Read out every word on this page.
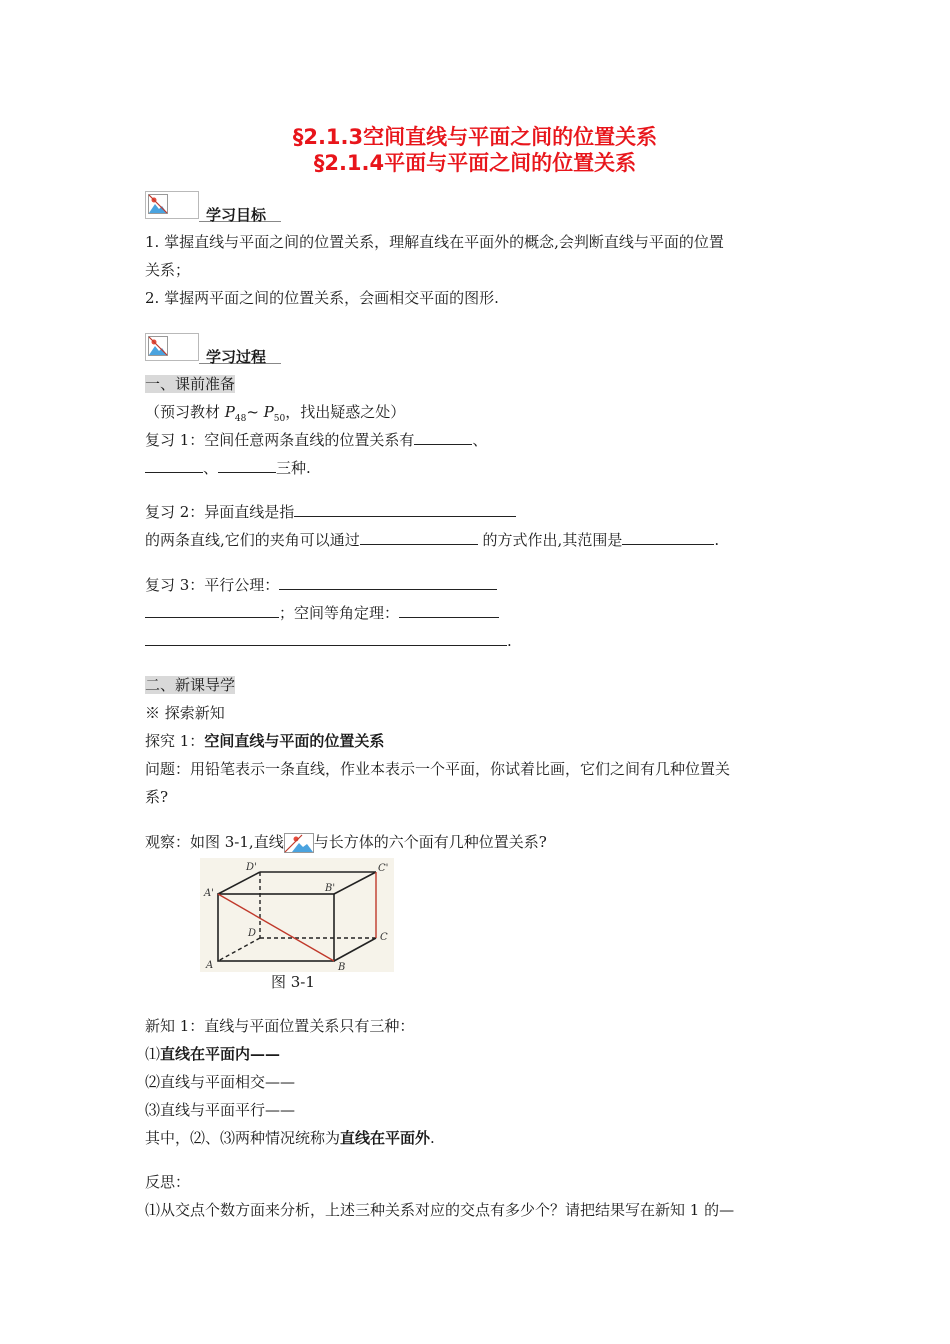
§2.1.3空间直线与平面之间的位置关系
§2.1.4平面与平面之间的位置关系
学习目标
1. 掌握直线与平面之间的位置关系，理解直线在平面外的概念,会判断直线与平面的位置
关系；
2. 掌握两平面之间的位置关系，会画相交平面的图形.
学习过程
一、课前准备
（预习教材 $P_{48}\sim$ $P_{50}$，找出疑惑之处）
复习 1：空间任意两条直线的位置关系有	、
、	三种.
复习 2：异面直线是指
的两条直线,它们的夹角可以通过	的方式作出,其范围是	.
复习 3：平行公理：
；空间等角定理：
.
二、新课导学
※ 探索新知
探究 1：空间直线与平面的位置关系
问题：用铅笔表示一条直线，作业本表示一个平面，你试着比画，它们之间有几种位置关
系?
观察：如图 3-1,直线 与长方体的六个面有几种位置关系?
D'
B'
C'
A'
D	C
A	B
图 3-1
新知 1：直线与平面位置关系只有三种：
⑴直线在平面内——
⑵直线与平面相交——
⑶直线与平面平行——
其中，⑵、⑶两种情况统称为直线在平面外.
反思：
⑴从交点个数方面来分析，上述三种关系对应的交点有多少个？请把结果写在新知 1 的—
